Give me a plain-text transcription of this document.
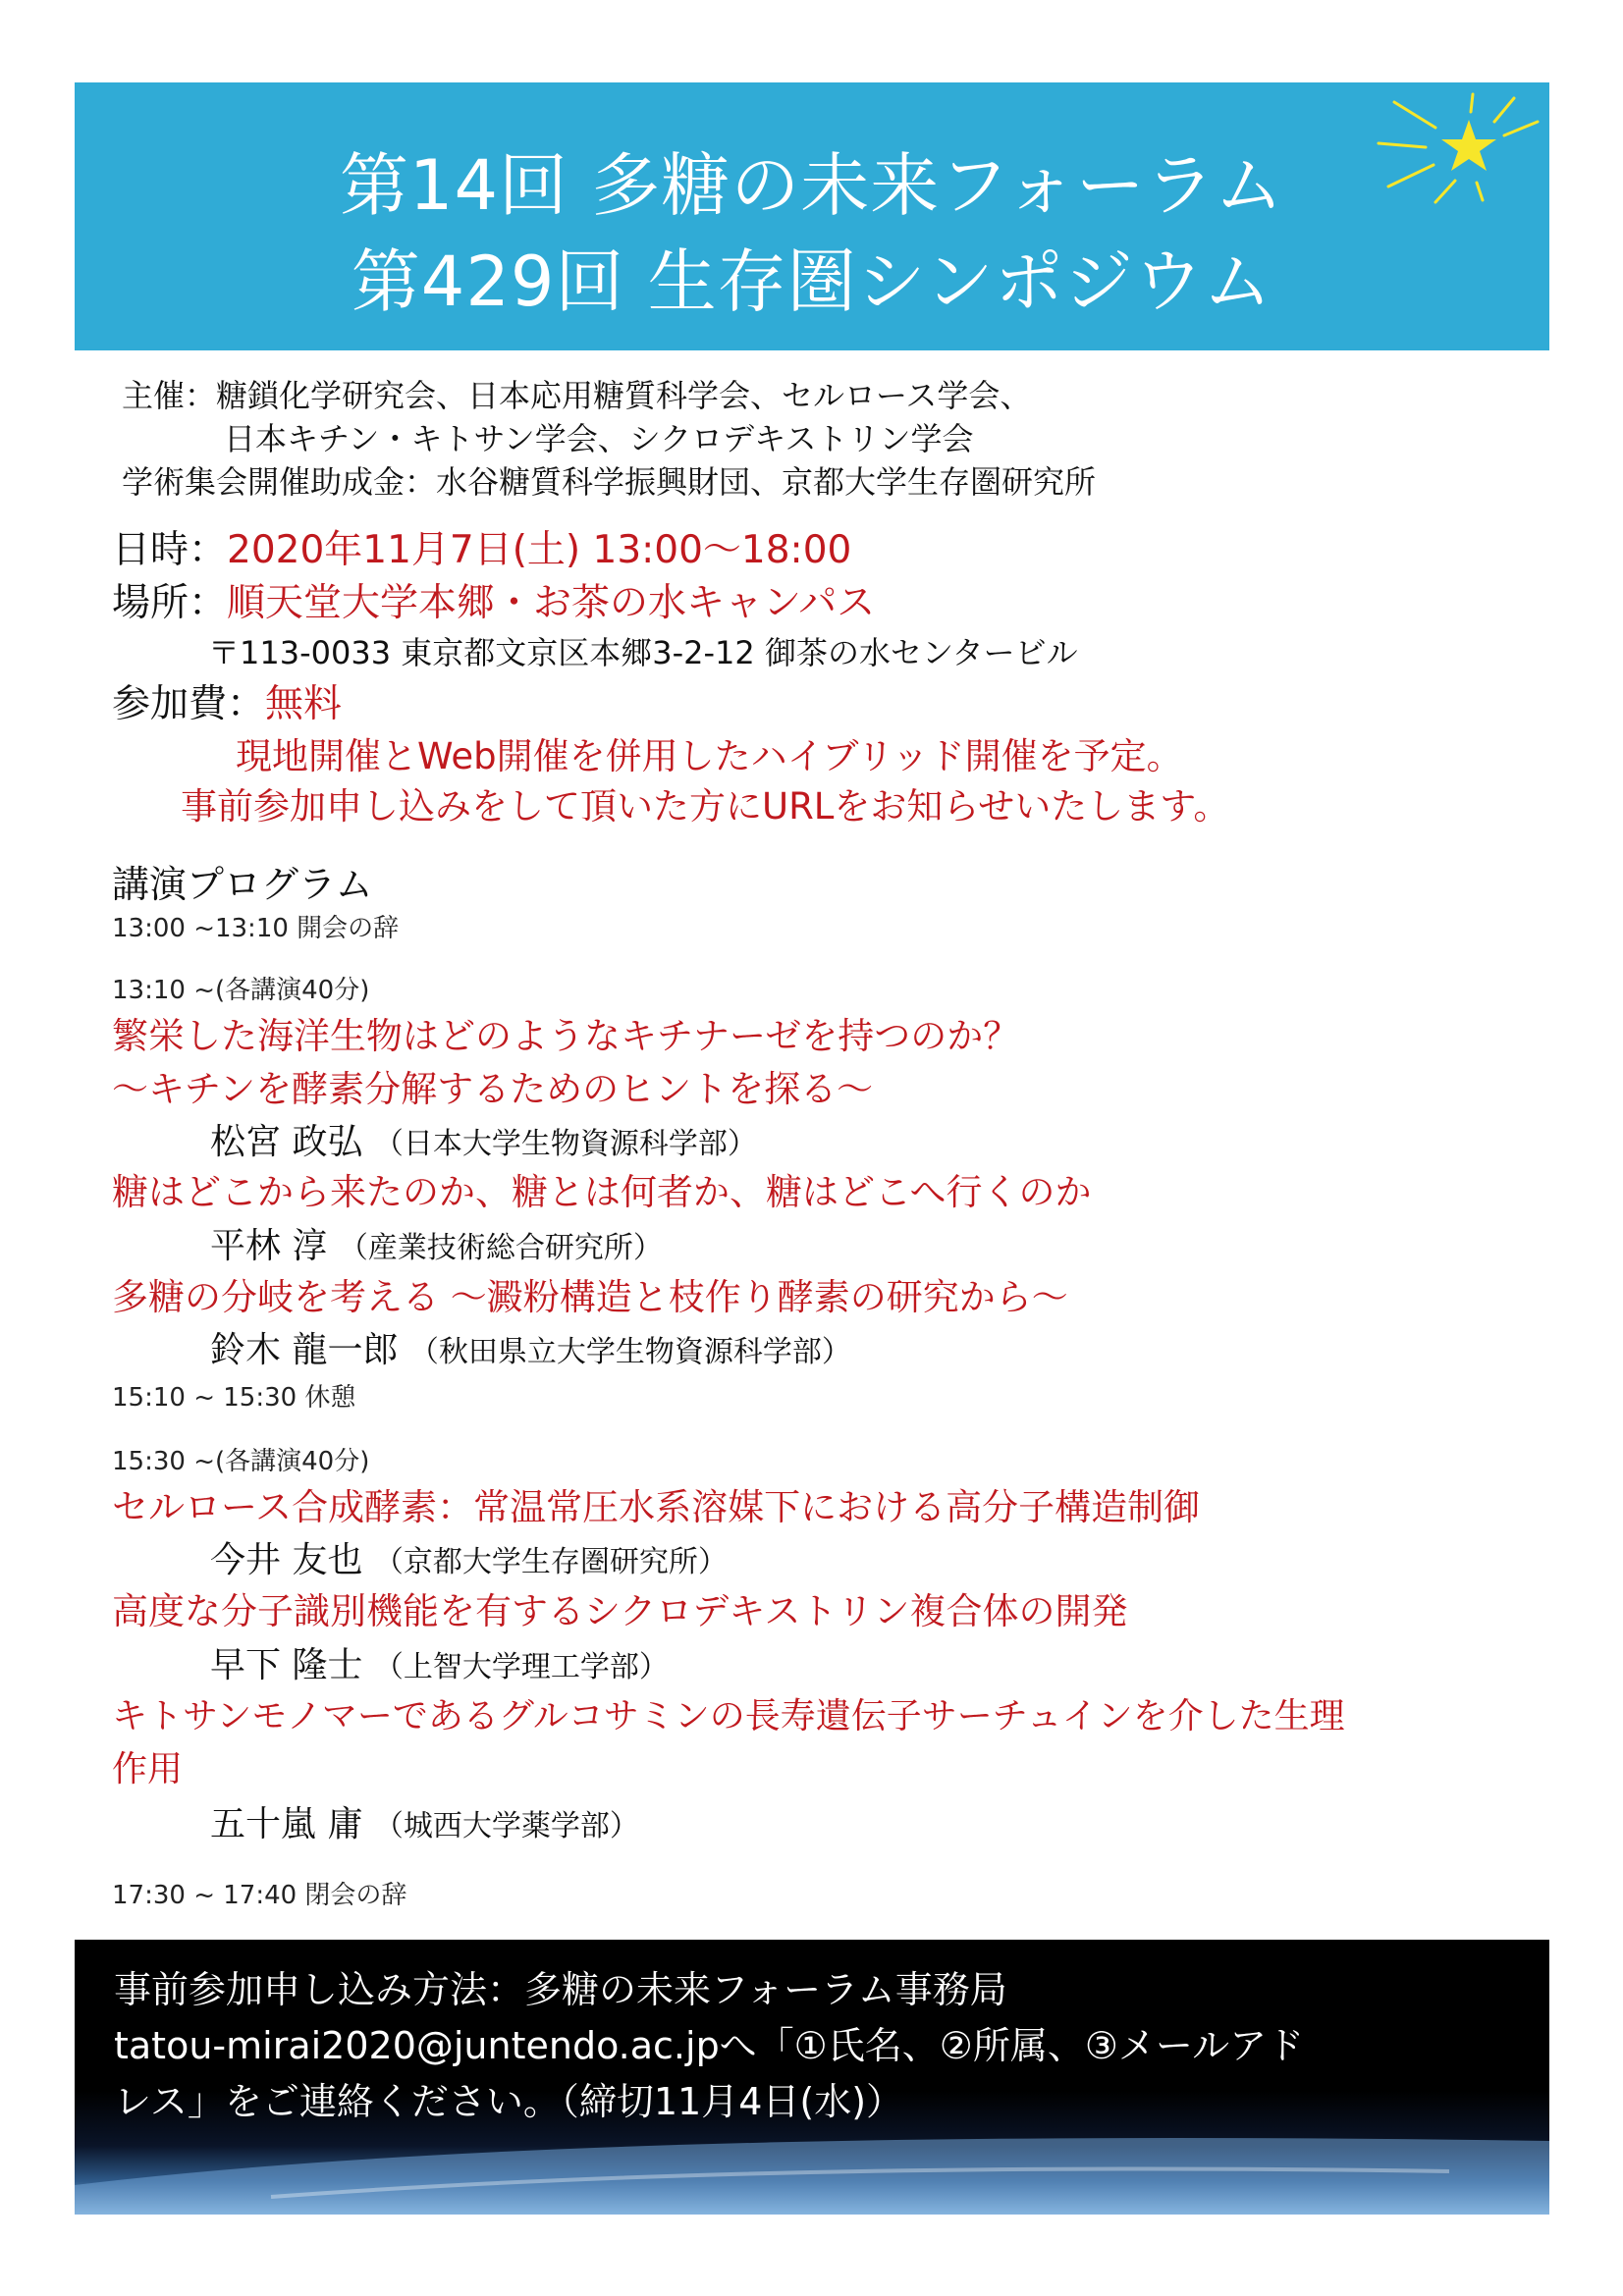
第14回 多糖の未来フォーラム
第429回 生存圏シンポジウム
主催：糖鎖化学研究会、日本応用糖質科学会、セルロース学会、
日本キチン・キトサン学会、シクロデキストリン学会
学術集会開催助成金：水谷糖質科学振興財団、京都大学生存圏研究所
日時：2020年11月7日(土) 13:00～18:00
場所：順天堂大学本郷・お茶の水キャンパス
〒113-0033 東京都文京区本郷3-2-12 御茶の水センタービル
参加費：無料
現地開催とWeb開催を併用したハイブリッド開催を予定。
事前参加申し込みをして頂いた方にURLをお知らせいたします。
講演プログラム
13:00 ~13:10 開会の辞
13:10 ~(各講演40分)
繁栄した海洋生物はどのようなキチナーゼを持つのか？
～キチンを酵素分解するためのヒントを探る～
松宮 政弘 （日本大学生物資源科学部）
糖はどこから来たのか、糖とは何者か、糖はどこへ行くのか
平林 淳 （産業技術総合研究所）
多糖の分岐を考える ～澱粉構造と枝作り酵素の研究から～
鈴木 龍一郎 （秋田県立大学生物資源科学部）
15:10 ~ 15:30 休憩
15:30 ~(各講演40分)
セルロース合成酵素：常温常圧水系溶媒下における高分子構造制御
今井 友也 （京都大学生存圏研究所）
高度な分子識別機能を有するシクロデキストリン複合体の開発
早下 隆士 （上智大学理工学部）
キトサンモノマーであるグルコサミンの長寿遺伝子サーチュインを介した生理
作用
五十嵐 庸 （城西大学薬学部）
17:30 ~ 17:40 閉会の辞
事前参加申し込み方法：多糖の未来フォーラム事務局
tatou-mirai2020@juntendo.ac.jpへ「①氏名、②所属、③メールアド
レス」をご連絡ください。（締切11月4日(水)）
